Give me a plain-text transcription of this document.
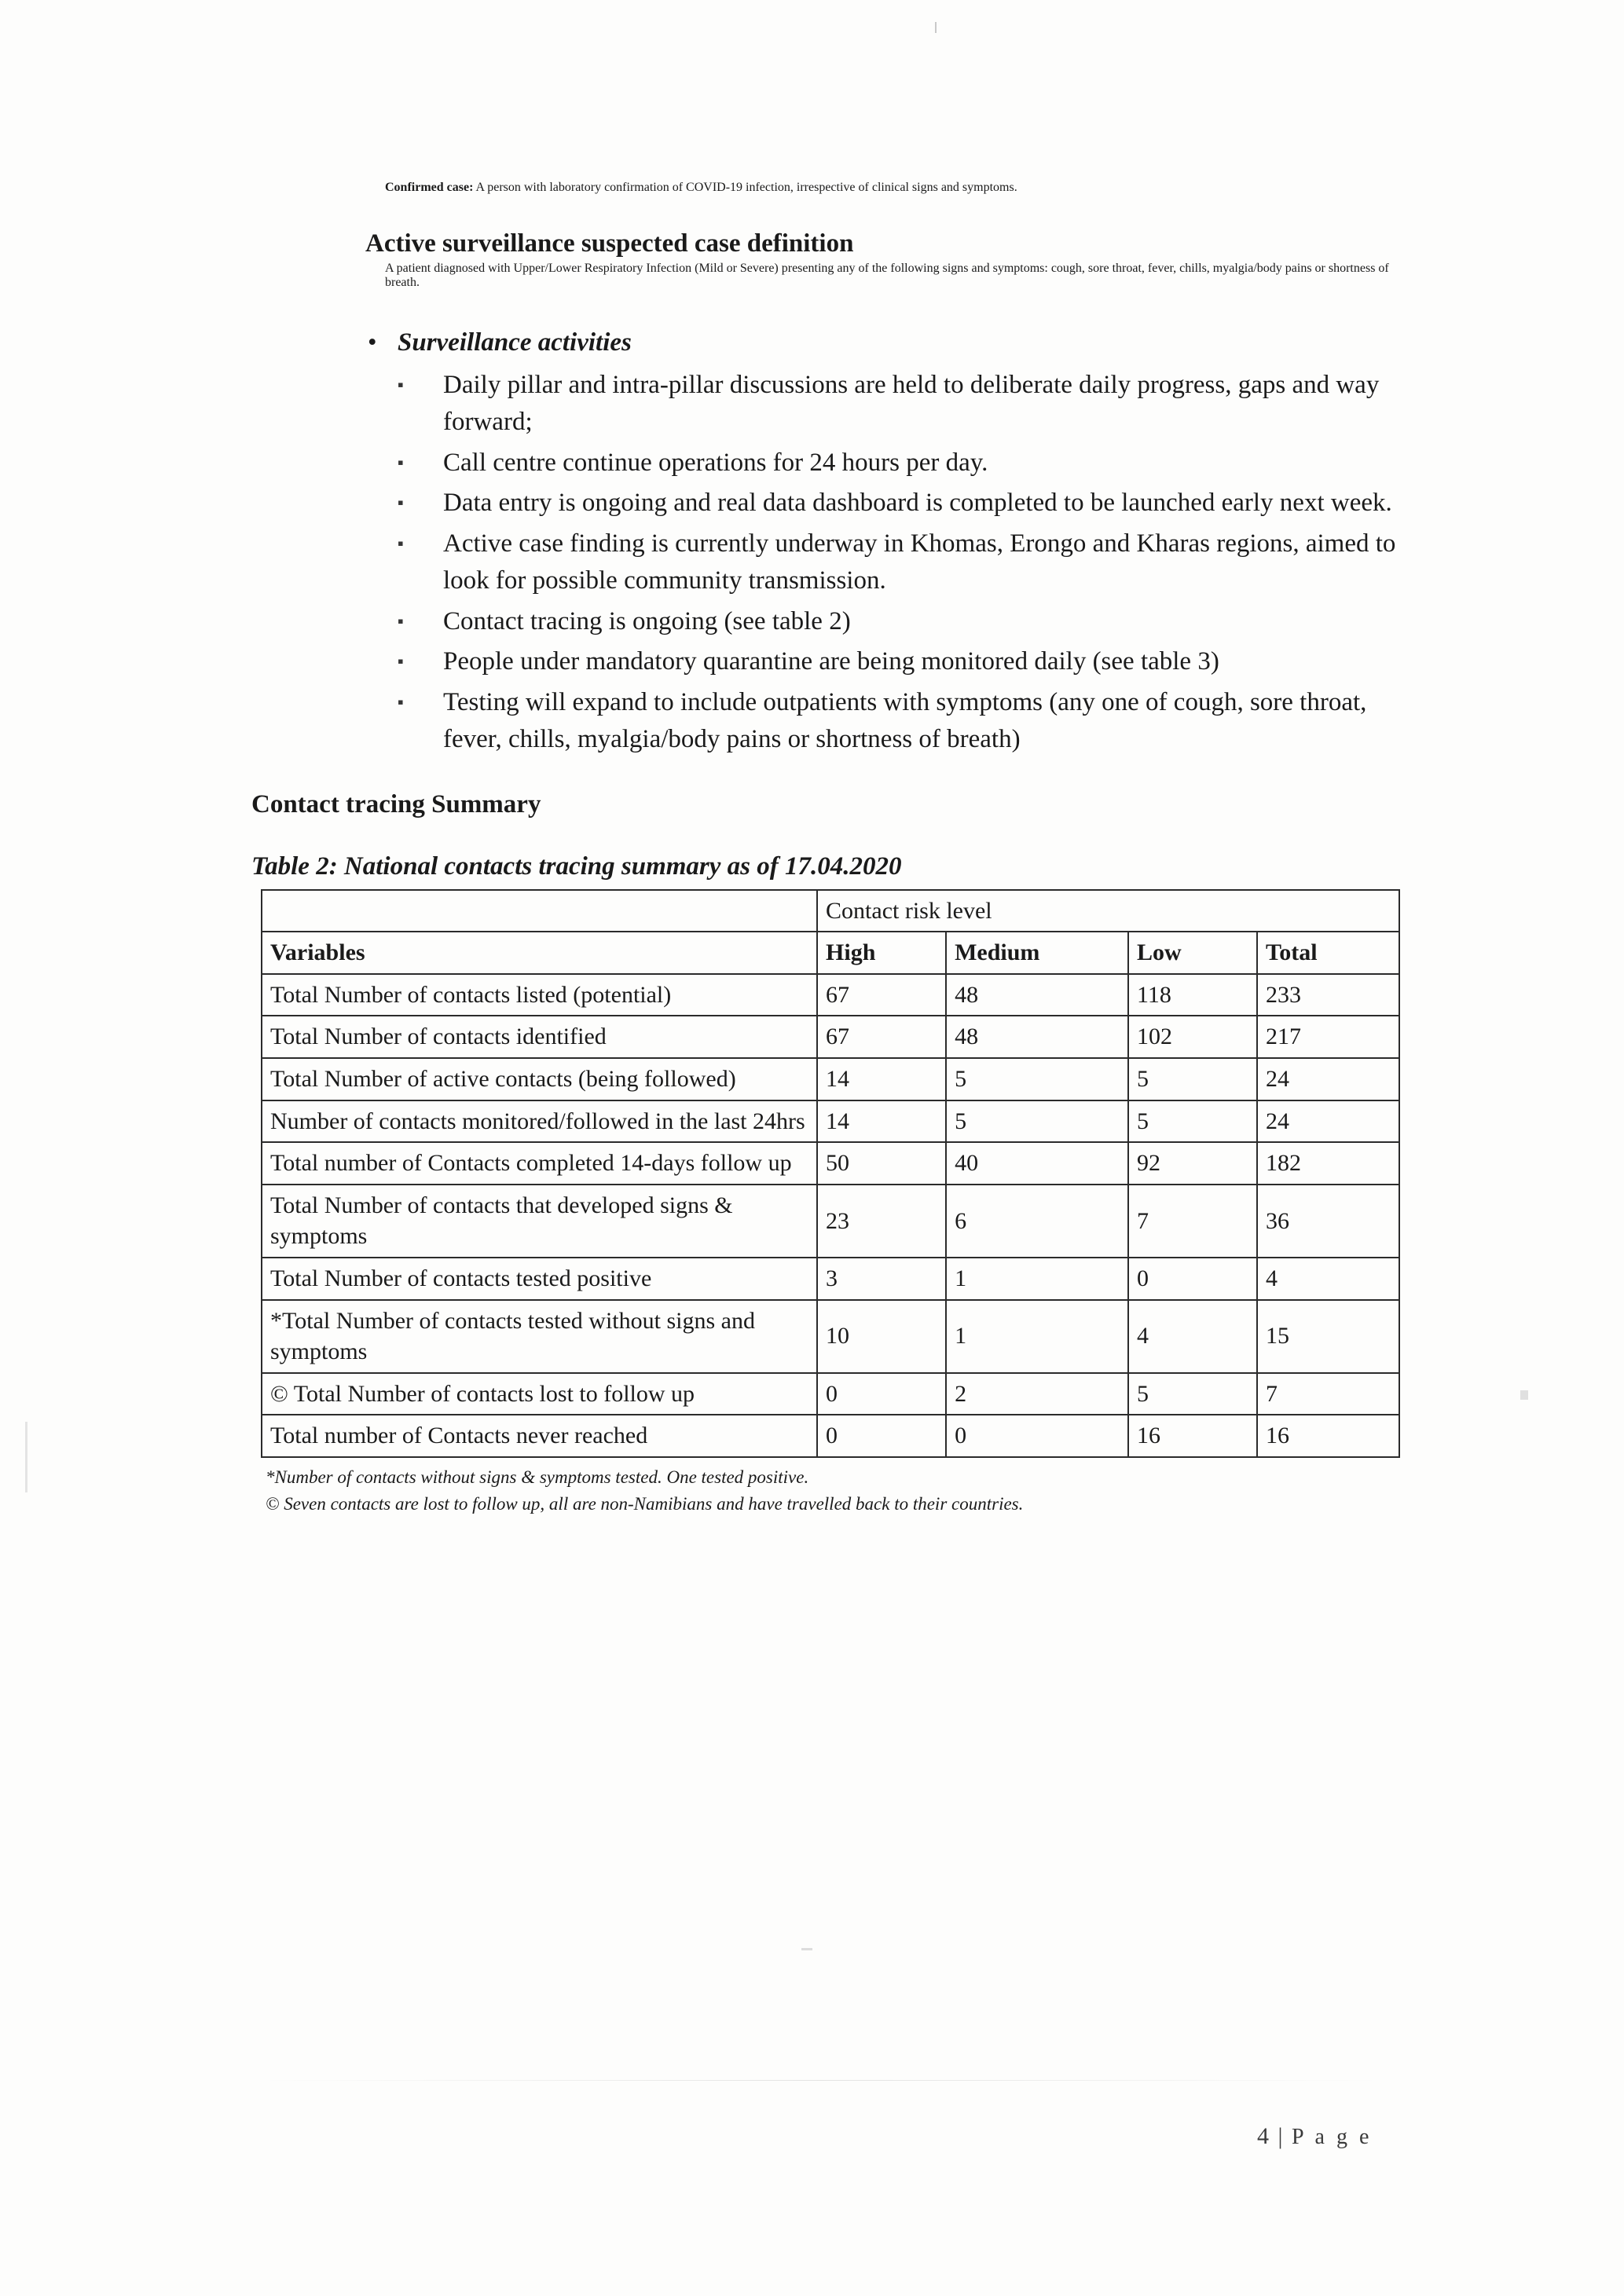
Confirmed case: A person with laboratory confirmation of COVID-19 infection, irrespective of clinical signs and symptoms.
Active surveillance suspected case definition
A patient diagnosed with Upper/Lower Respiratory Infection (Mild or Severe) presenting any of the following signs and symptoms: cough, sore throat, fever, chills, myalgia/body pains or shortness of breath.
• Surveillance activities
▪	Daily pillar and intra-pillar discussions are held to deliberate daily progress, gaps and way forward;
▪	Call centre continue operations for 24 hours per day.
▪	Data entry is ongoing and real data dashboard is completed to be launched early next week.
▪	Active case finding is currently underway in Khomas, Erongo and Kharas regions, aimed to look for possible community transmission.
▪	Contact tracing is ongoing (see table 2)
▪	People under mandatory quarantine are being monitored daily (see table 3)
▪	Testing will expand to include outpatients with symptoms (any one of cough, sore throat, fever, chills, myalgia/body pains or shortness of breath)
Contact tracing Summary
Table 2: National contacts tracing summary as of 17.04.2020
	Contact risk level			
Variables	High	Medium	Low	Total
Total Number of contacts listed (potential)	67	48	118	233
Total Number of contacts identified	67	48	102	217
Total Number of active contacts (being followed)	14	5	5	24
Number of contacts monitored/followed in the last 24hrs	14	5	5	24
Total number of Contacts completed 14-days follow up	50	40	92	182
Total Number of contacts that developed signs & symptoms	23	6	7	36
Total Number of contacts tested positive	3	1	0	4
*Total Number of contacts tested without signs and symptoms	10	1	4	15
© Total Number of contacts lost to follow up	0	2	5	7
Total number of Contacts never reached	0	0	16	16
*Number of contacts without signs & symptoms tested. One tested positive.
© Seven contacts are lost to follow up, all are non-Namibians and have travelled back to their countries.
4 | P a g e
